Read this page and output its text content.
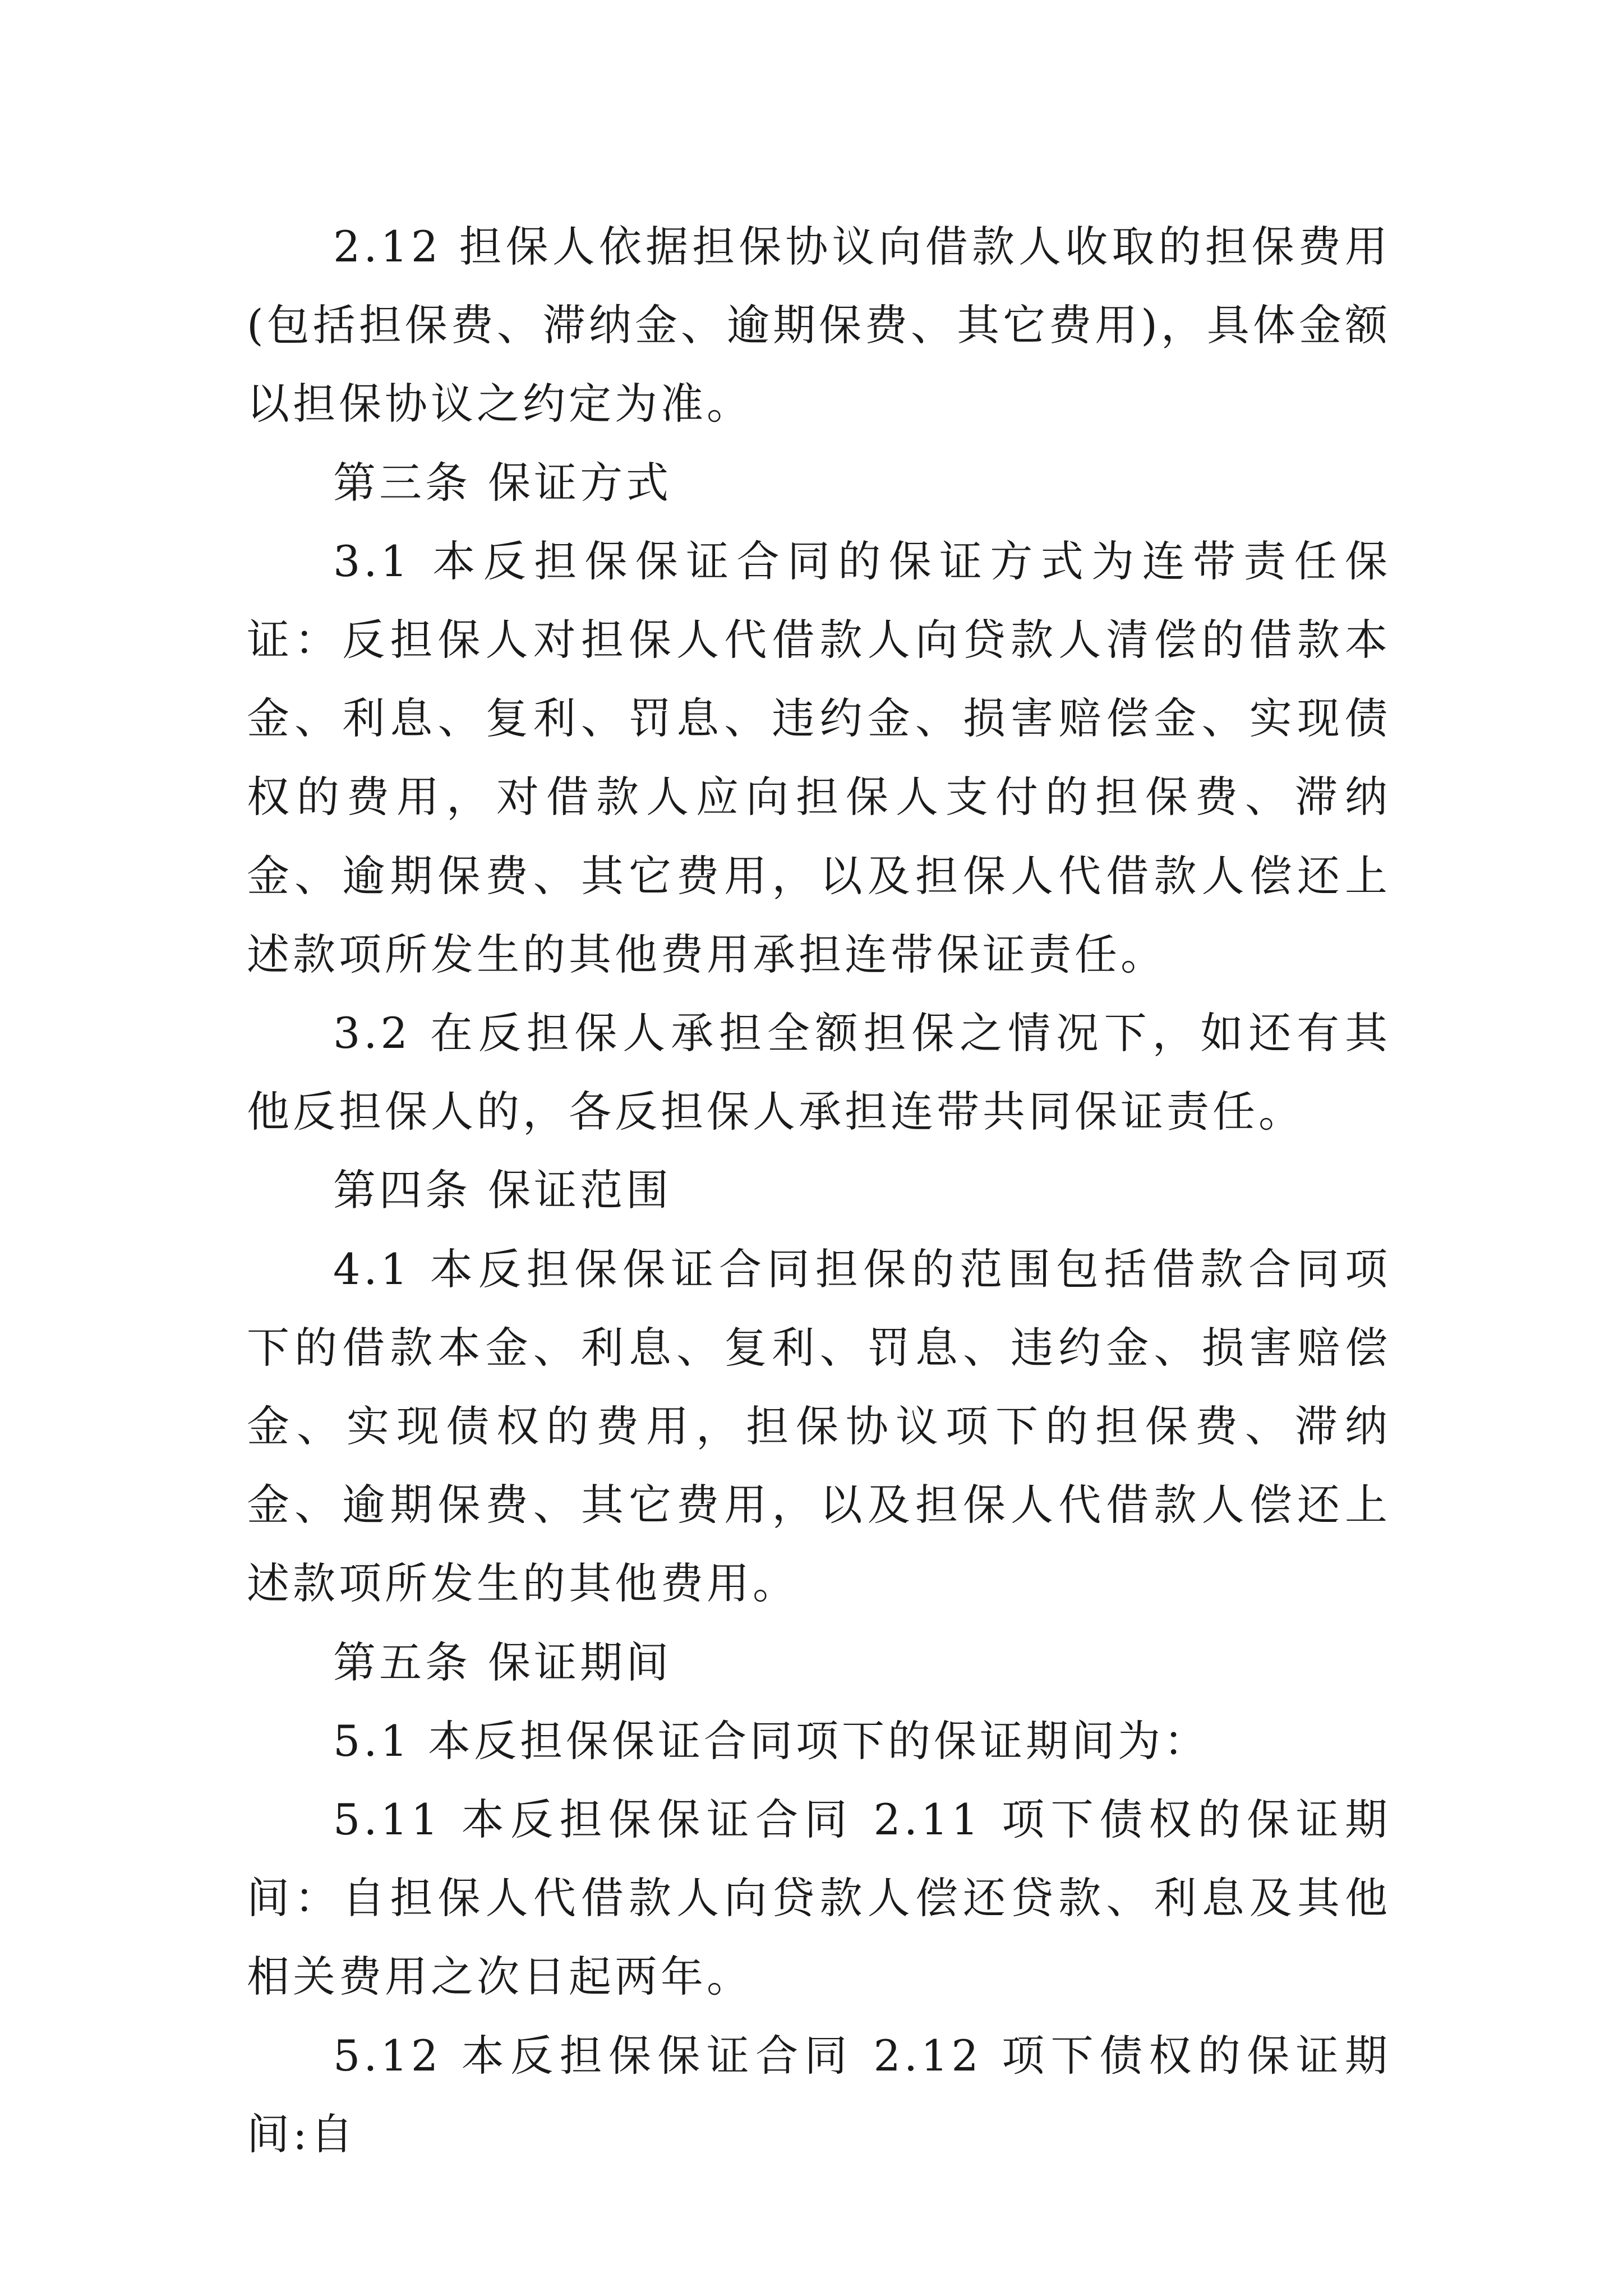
2.12 担保人依据担保协议向借款人收取的担保费用(包括担保费、滞纳金、逾期保费、其它费用)，具体金额以担保协议之约定为准。

第三条 保证方式

3.1 本反担保保证合同的保证方式为连带责任保证：反担保人对担保人代借款人向贷款人清偿的借款本金、利息、复利、罚息、违约金、损害赔偿金、实现债权的费用，对借款人应向担保人支付的担保费、滞纳金、逾期保费、其它费用，以及担保人代借款人偿还上述款项所发生的其他费用承担连带保证责任。

3.2 在反担保人承担全额担保之情况下，如还有其他反担保人的，各反担保人承担连带共同保证责任。

第四条 保证范围

4.1 本反担保保证合同担保的范围包括借款合同项下的借款本金、利息、复利、罚息、违约金、损害赔偿金、实现债权的费用，担保协议项下的担保费、滞纳金、逾期保费、其它费用，以及担保人代借款人偿还上述款项所发生的其他费用。

第五条 保证期间

5.1 本反担保保证合同项下的保证期间为：

5.11 本反担保保证合同 2.11 项下债权的保证期间：自担保人代借款人向贷款人偿还贷款、利息及其他相关费用之次日起两年。

5.12 本反担保保证合同 2.12 项下债权的保证期间:自
